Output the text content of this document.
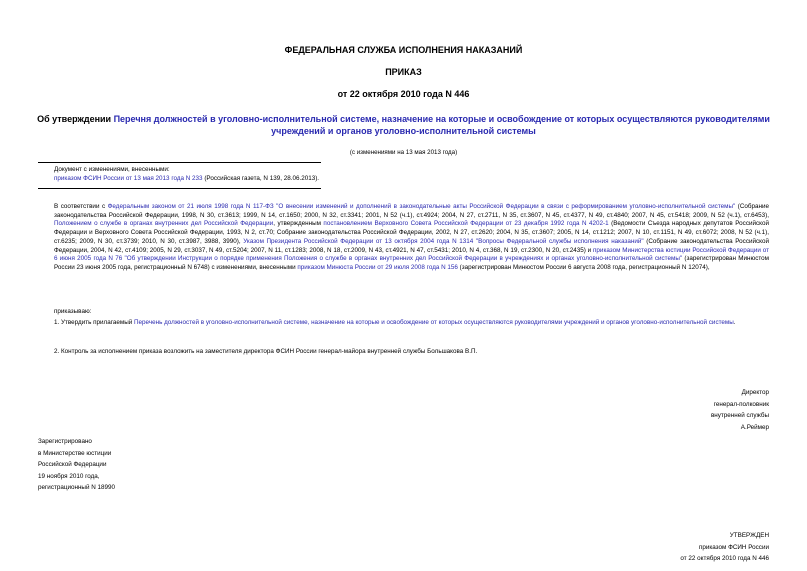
ФЕДЕРАЛЬНАЯ СЛУЖБА ИСПОЛНЕНИЯ НАКАЗАНИЙ
ПРИКАЗ
от 22 октября 2010 года N 446
Об утверждении Перечня должностей в уголовно-исполнительной системе, назначение на которые и освобождение от которых осуществляются руководителями учреждений и органов уголовно-исполнительной системы
(с изменениями на 13 мая 2013 года)
Документ с изменениями, внесенными:
приказом ФСИН России от 13 мая 2013 года N 233 (Российская газета, N 139, 28.06.2013).
В соответствии с Федеральным законом от 21 июля 1998 года N 117-ФЗ "О внесении изменений и дополнений в законодательные акты Российской Федерации в связи с реформированием уголовно-исполнительной системы" (Собрание законодательства Российской Федерации, 1998, N 30, ст.3613; 1999, N 14, ст.1650; 2000, N 32, ст.3341; 2001, N 52 (ч.1), ст.4924; 2004, N 27, ст.2711, N 35, ст.3607, N 45, ст.4377, N 49, ст.4840; 2007, N 45, ст.5418; 2009, N 52 (ч.1), ст.6453), Положением о службе в органах внутренних дел Российской Федерации, утвержденным постановлением Верховного Совета Российской Федерации от 23 декабря 1992 года N 4202-1 (Ведомости Съезда народных депутатов Российской Федерации и Верховного Совета Российской Федерации, 1993, N 2, ст.70; Собрание законодательства Российской Федерации, 2002, N 27, ст.2620; 2004, N 35, ст.3607; 2005, N 14, ст.1212; 2007, N 10, ст.1151, N 49, ст.6072; 2008, N 52 (ч.1), ст.6235; 2009, N 30, ст.3739; 2010, N 30, ст.3987, 3988, 3990), Указом Президента Российской Федерации от 13 октября 2004 года N 1314 "Вопросы Федеральной службы исполнения наказаний" (Собрание законодательства Российской Федерации, 2004, N 42, ст.4109; 2005, N 29, ст.3037, N 49, ст.5204; 2007, N 11, ст.1283; 2008, N 18, ст.2009, N 43, ст.4921, N 47, ст.5431; 2010, N 4, ст.368, N 19, ст.2300, N 20, ст.2435) и приказом Министерства юстиции Российской Федерации от 6 июня 2005 года N 76 "Об утверждении Инструкции о порядке применения Положения о службе в органах внутренних дел Российской Федерации в учреждениях и органах уголовно-исполнительной системы" (зарегистрирован Минюстом России 23 июня 2005 года, регистрационный N 6748) с изменениями, внесенными приказом Минюста России от 29 июля 2008 года N 156 (зарегистрирован Минюстом России 6 августа 2008 года, регистрационный N 12074),
приказываю:
1. Утвердить прилагаемый Перечень должностей в уголовно-исполнительной системе, назначение на которые и освобождение от которых осуществляются руководителями учреждений и органов уголовно-исполнительной системы.
2. Контроль за исполнением приказа возложить на заместителя директора ФСИН России генерал-майора внутренней службы Большакова В.П.
Директор
генерал-полковник
внутренней службы
А.Реймер
Зарегистрировано
в Министерстве юстиции
Российской Федерации
19 ноября 2010 года,
регистрационный N 18990
УТВЕРЖДЕН
приказом ФСИН России
от 22 октября 2010 года N 446
